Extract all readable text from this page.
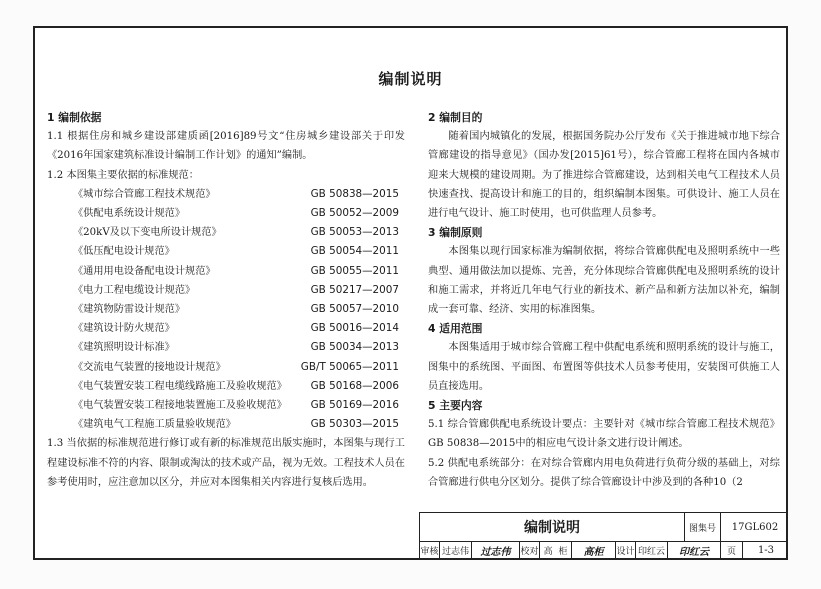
编制说明
1 编制依据
1.1 根据住房和城乡建设部建质函[2016]89号文“住房城乡建设部关于印发《2016年国家建筑标准设计编制工作计划》的通知”编制。
1.2 本图集主要依据的标准规范：
《城市综合管廊工程技术规范》	GB 50838—2015
《供配电系统设计规范》	GB 50052—2009
《20kV及以下变电所设计规范》	GB 50053—2013
《低压配电设计规范》	GB 50054—2011
《通用用电设备配电设计规范》	GB 50055—2011
《电力工程电缆设计规范》	GB 50217—2007
《建筑物防雷设计规范》	GB 50057—2010
《建筑设计防火规范》	GB 50016—2014
《建筑照明设计标准》	GB 50034—2013
《交流电气装置的接地设计规范》	GB/T 50065—2011
《电气装置安装工程电缆线路施工及验收规范》 GB 50168—2006
《电气装置安装工程接地装置施工及验收规范》 GB 50169—2016
《建筑电气工程施工质量验收规范》	GB 50303—2015
1.3 当依据的标准规范进行修订或有新的标准规范出版实施时，本图集与现行工程建设标准不符的内容、限制或淘汰的技术或产品，视为无效。工程技术人员在参考使用时，应注意加以区分，并应对本图集相关内容进行复核后选用。
2 编制目的
随着国内城镇化的发展，根据国务院办公厅发布《关于推进城市地下综合管廊建设的指导意见》（国办发[2015]61号），综合管廊工程将在国内各城市迎来大规模的建设周期。为了推进综合管廊建设，达到相关电气工程技术人员快速查找、提高设计和施工的目的，组织编制本图集。可供设计、施工人员在进行电气设计、施工时使用，也可供监理人员参考。
3 编制原则
本图集以现行国家标准为编制依据，将综合管廊供配电及照明系统中一些典型、通用做法加以提炼、完善，充分体现综合管廊供配电及照明系统的设计和施工需求，并将近几年电气行业的新技术、新产品和新方法加以补充，编制成一套可靠、经济、实用的标准图集。
4 适用范围
本图集适用于城市综合管廊工程中供配电系统和照明系统的设计与施工，图集中的系统图、平面图、布置图等供技术人员参考使用，安装图可供施工人员直接选用。
5 主要内容
5.1 综合管廊供配电系统设计要点：主要针对《城市综合管廊工程技术规范》GB 50838—2015中的相应电气设计条文进行设计阐述。
5.2 供配电系统部分：在对综合管廊内用电负荷进行负荷分级的基础上，对综合管廊进行供电分区划分。提供了综合管廊设计中涉及到的各种10（2
编制说明	图集号	17GL602
审核 过志伟	过志伟	校对 高  柜	高柜	设计 印红云	印红云	页	1-3
